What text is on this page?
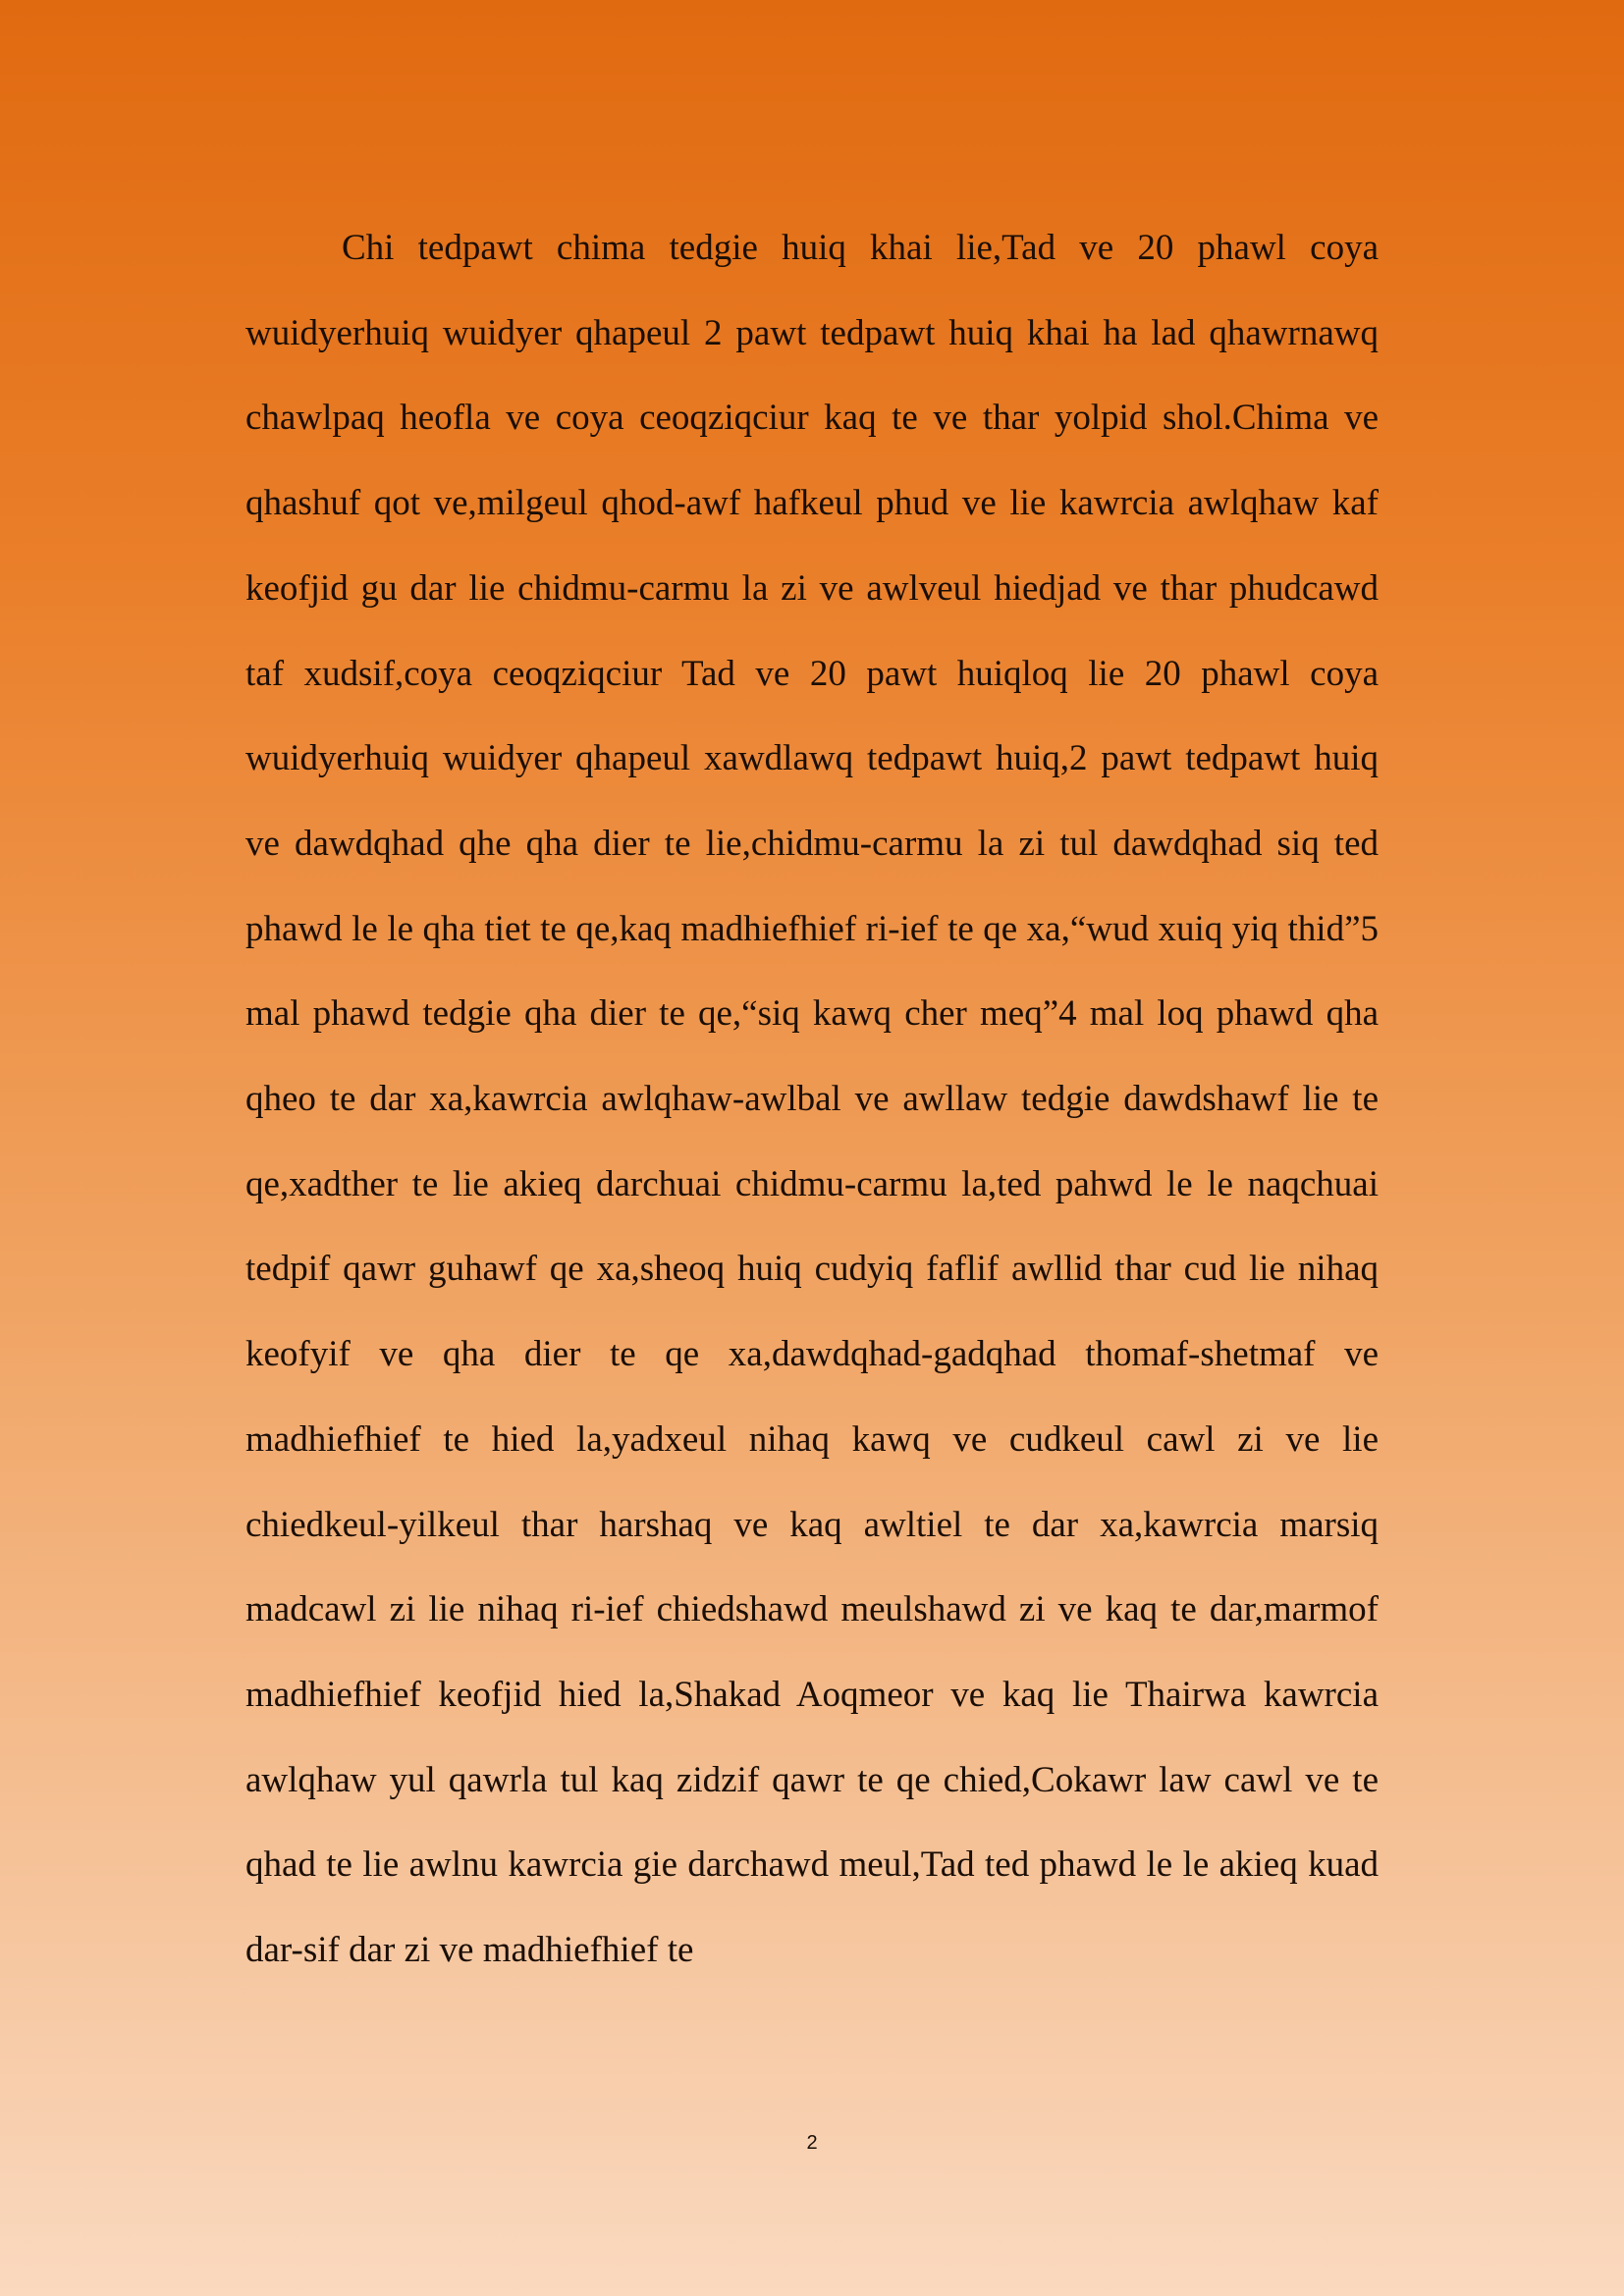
Chi tedpawt chima tedgie huiq khai lie,Tad ve 20 phawl coya wuidyerhuiq wuidyer qhapeul 2 pawt tedpawt huiq khai ha lad qhawrnawq chawlpaq heofla ve coya ceoqziqciur kaq te ve thar yolpid shol.Chima ve qhashuf qot ve,milgeul qhod-awf hafkeul phud ve lie kawrcia awlqhaw kaf keofjid gu dar lie chidmu-carmu la zi ve awlveul hiedjad ve thar phudcawd taf xudsif,coya ceoqziqciur Tad ve 20 pawt huiqloq lie 20 phawl coya wuidyerhuiq wuidyer qhapeul xawdlawq tedpawt huiq,2 pawt tedpawt huiq ve dawdqhad qhe qha dier te lie,chidmu-carmu la zi tul dawdqhad siq ted phawd le le qha tiet te qe,kaq madhiefhief ri-ief te qe xa,“wud xuiq yiq thid”5 mal phawd tedgie qha dier te qe,“siq kawq cher meq”4 mal loq phawd qha qheo te dar xa,kawrcia awlqhaw-awlbal ve awllaw tedgie dawdshawf lie te qe,xadther te lie akieq darchuai chidmu-carmu la,ted pahwd le le naqchuai tedpif qawr guhawf qe xa,sheoq huiq cudyiq faflif awllid thar cud lie nihaq keofyif ve qha dier te qe xa,dawdqhad-gadqhad thomaf-shetmaf ve madhiefhief te hied la,yadxeul nihaq kawq ve cudkeul cawl zi ve lie chiedkeul-yilkeul thar harshaq ve kaq awltiel te dar xa,kawrcia marsiq madcawl zi lie nihaq ri-ief chiedshawd meulshawd zi ve kaq te dar,marmof madhiefhief keofjid hied la,Shakad Aoqmeor ve kaq lie Thairwa kawrcia awlqhaw yul qawrla tul kaq zidzif qawr te qe chied,Cokawr law cawl ve te qhad te lie awlnu kawrcia gie darchawd meul,Tad ted phawd le le akieq kuad dar-sif dar zi ve madhiefhief te

2
